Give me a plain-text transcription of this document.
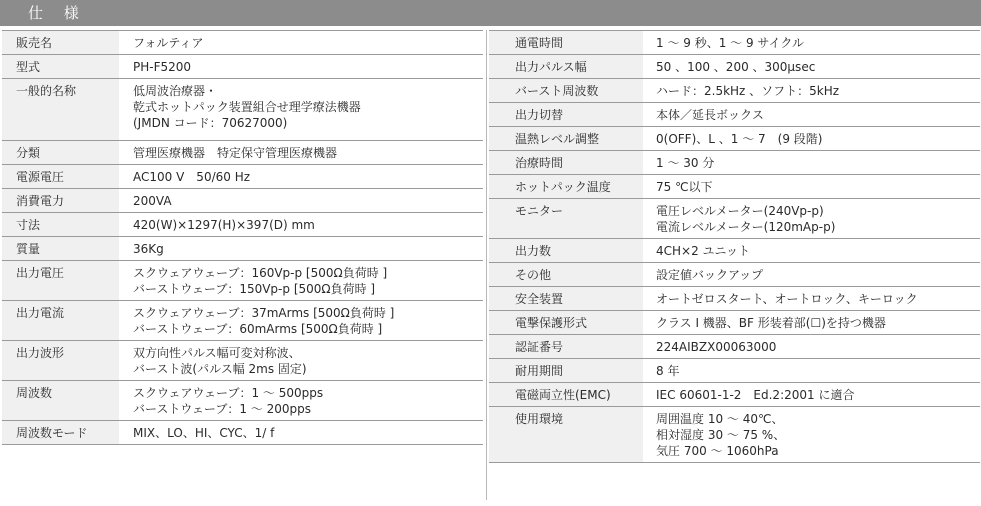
仕 様
販売名	フォルティア

型式	PH-F5200

一般的名称	低周波治療器・
乾式ホットパック装置組合せ理学療法機器
(JMDN コード：70627000)

分類	管理医療機器　特定保守管理医療機器

電源電圧	AC100 V　50/60 Hz

消費電力	200VA

寸法	420(W)×1297(H)×397(D) mm

質量	36Kg

出力電圧	スクウェアウェーブ：160Vp-p [500Ω負荷時 ]
バーストウェーブ：150Vp-p [500Ω負荷時 ]

出力電流	スクウェアウェーブ：37mArms [500Ω負荷時 ]
バーストウェーブ：60mArms [500Ω負荷時 ]

出力波形	双方向性パルス幅可変対称波、
バースト波(パルス幅 2ms 固定)

周波数	スクウェアウェーブ：1 ～ 500pps
バーストウェーブ：1 ～ 200pps

周波数モード	MIX、LO、HI、CYC、1/ f
通電時間	1 ～ 9 秒、1 ～ 9 サイクル

出力パルス幅	50 、100 、200 、300μsec

バースト周波数	ハード：2.5kHz 、ソフト：5kHz

出力切替	本体／延長ボックス

温熱レベル調整	0(OFF)、L 、1 ～ 7　(9 段階)

治療時間	1 ～ 30 分

ホットパック温度	75 ℃以下

モニター	電圧レベルメーター(240Vp-p)
電流レベルメーター(120mAp-p)

出力数	4CH×2 ユニット

その他	設定値バックアップ

安全装置	オートゼロスタート、オートロック、キーロック

電撃保護形式	クラス I 機器、BF 形装着部(☐)を持つ機器

認証番号	224AIBZX00063000

耐用期間	8 年

電磁両立性(EMC)	IEC 60601-1-2　Ed.2:2001 に適合

使用環境	周囲温度 10 ～ 40℃、
相対湿度 30 ～ 75 %、
気圧 700 ～ 1060hPa
